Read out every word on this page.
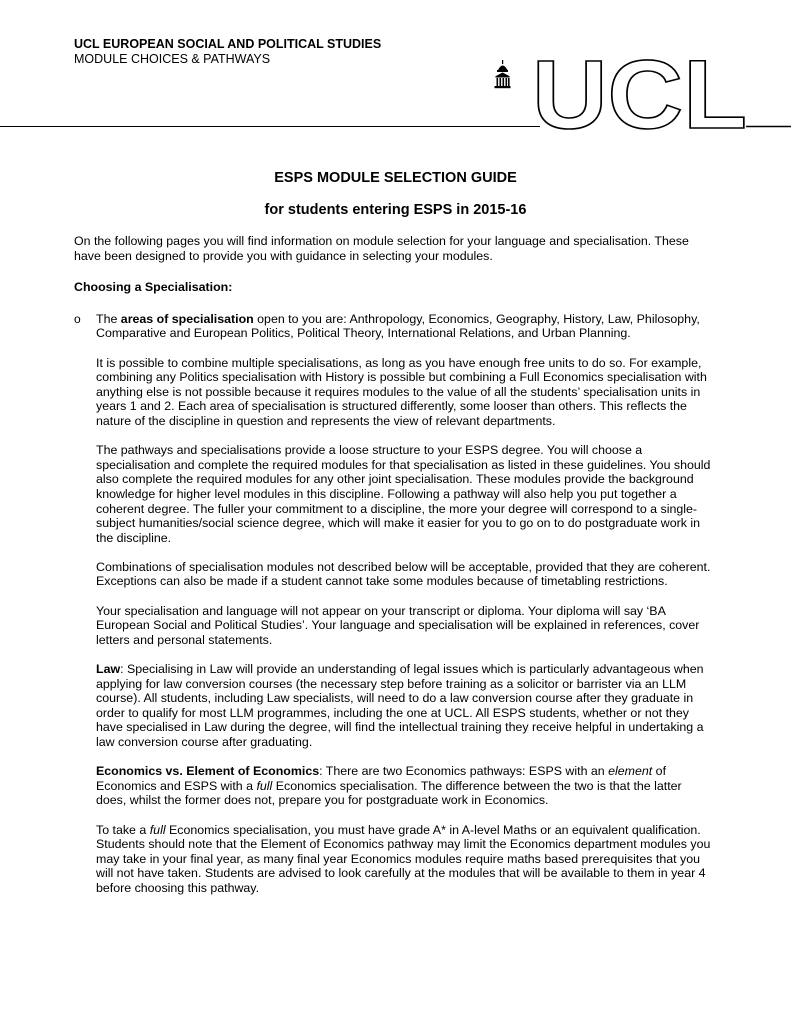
UCL EUROPEAN SOCIAL AND POLITICAL STUDIES
MODULE CHOICES & PATHWAYS	UCL
ESPS MODULE SELECTION GUIDE
for students entering ESPS in 2015-16

On the following pages you will find information on module selection for your language and specialisation. These have been designed to provide you with guidance in selecting your modules.

Choosing a Specialisation:

o The areas of specialisation open to you are: Anthropology, Economics, Geography, History, Law, Philosophy, Comparative and European Politics, Political Theory, International Relations, and Urban Planning.

It is possible to combine multiple specialisations, as long as you have enough free units to do so. For example, combining any Politics specialisation with History is possible but combining a Full Economics specialisation with anything else is not possible because it requires modules to the value of all the students’ specialisation units in years 1 and 2. Each area of specialisation is structured differently, some looser than others. This reflects the nature of the discipline in question and represents the view of relevant departments.

The pathways and specialisations provide a loose structure to your ESPS degree. You will choose a specialisation and complete the required modules for that specialisation as listed in these guidelines. You should also complete the required modules for any other joint specialisation. These modules provide the background knowledge for higher level modules in this discipline. Following a pathway will also help you put together a coherent degree. The fuller your commitment to a discipline, the more your degree will correspond to a single-subject humanities/social science degree, which will make it easier for you to go on to do postgraduate work in the discipline.

Combinations of specialisation modules not described below will be acceptable, provided that they are coherent. Exceptions can also be made if a student cannot take some modules because of timetabling restrictions.

Your specialisation and language will not appear on your transcript or diploma. Your diploma will say ‘BA European Social and Political Studies’. Your language and specialisation will be explained in references, cover letters and personal statements.

Law: Specialising in Law will provide an understanding of legal issues which is particularly advantageous when applying for law conversion courses (the necessary step before training as a solicitor or barrister via an LLM course). All students, including Law specialists, will need to do a law conversion course after they graduate in order to qualify for most LLM programmes, including the one at UCL. All ESPS students, whether or not they have specialised in Law during the degree, will find the intellectual training they receive helpful in undertaking a law conversion course after graduating.

Economics vs. Element of Economics: There are two Economics pathways: ESPS with an element of Economics and ESPS with a full Economics specialisation. The difference between the two is that the latter does, whilst the former does not, prepare you for postgraduate work in Economics.

To take a full Economics specialisation, you must have grade A* in A-level Maths or an equivalent qualification. Students should note that the Element of Economics pathway may limit the Economics department modules you may take in your final year, as many final year Economics modules require maths based prerequisites that you will not have taken. Students are advised to look carefully at the modules that will be available to them in year 4 before choosing this pathway.
